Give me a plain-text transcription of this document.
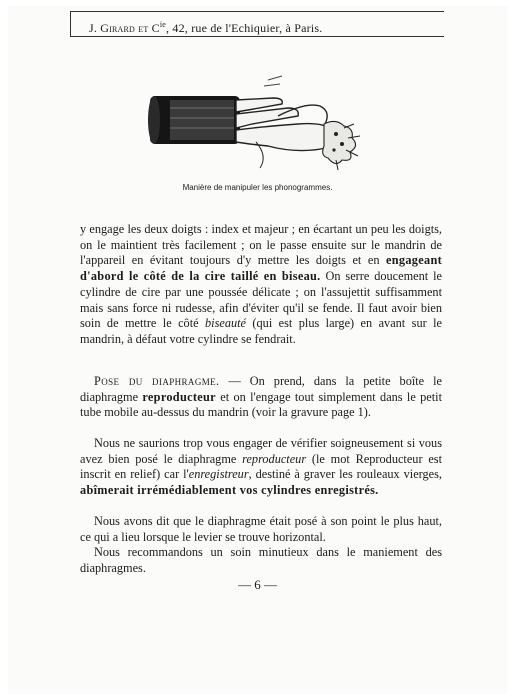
J. Girard et $C^{ie}$, 42, rue de l'Echiquier, à Paris.
Manière de manipuler les phonogrammes.
y engage les deux doigts : index et majeur ; en écartant un peu les doigts, on le maintient très facilement ; on le passe ensuite sur le mandrin de l'appareil en évitant toujours d'y mettre les doigts et en engageant d'abord le côté de la cire taillé en biseau. On serre doucement le cylindre de cire par une poussée délicate ; on l'assujettit suffisamment mais sans force ni rudesse, afin d'éviter qu'il se fende. Il faut avoir bien soin de mettre le côté biseauté (qui est plus large) en avant sur le mandrin, à défaut votre cylindre se fendrait.
Pose du diaphragme. — On prend, dans la petite boîte le diaphragme reproducteur et on l'engage tout simplement dans le petit tube mobile au-dessus du mandrin (voir la gravure page 1).
Nous ne saurions trop vous engager de vérifier soigneusement si vous avez bien posé le diaphragme reproducteur (le mot Reproducteur est inscrit en relief) car l'enregistreur, destiné à graver les rouleaux vierges, abîmerait irrémédiablement vos cylindres enregistrés.
Nous avons dit que le diaphragme était posé à son point le plus haut, ce qui a lieu lorsque le levier se trouve horizontal.
Nous recommandons un soin minutieux dans le maniement des diaphragmes.
— 6 —
